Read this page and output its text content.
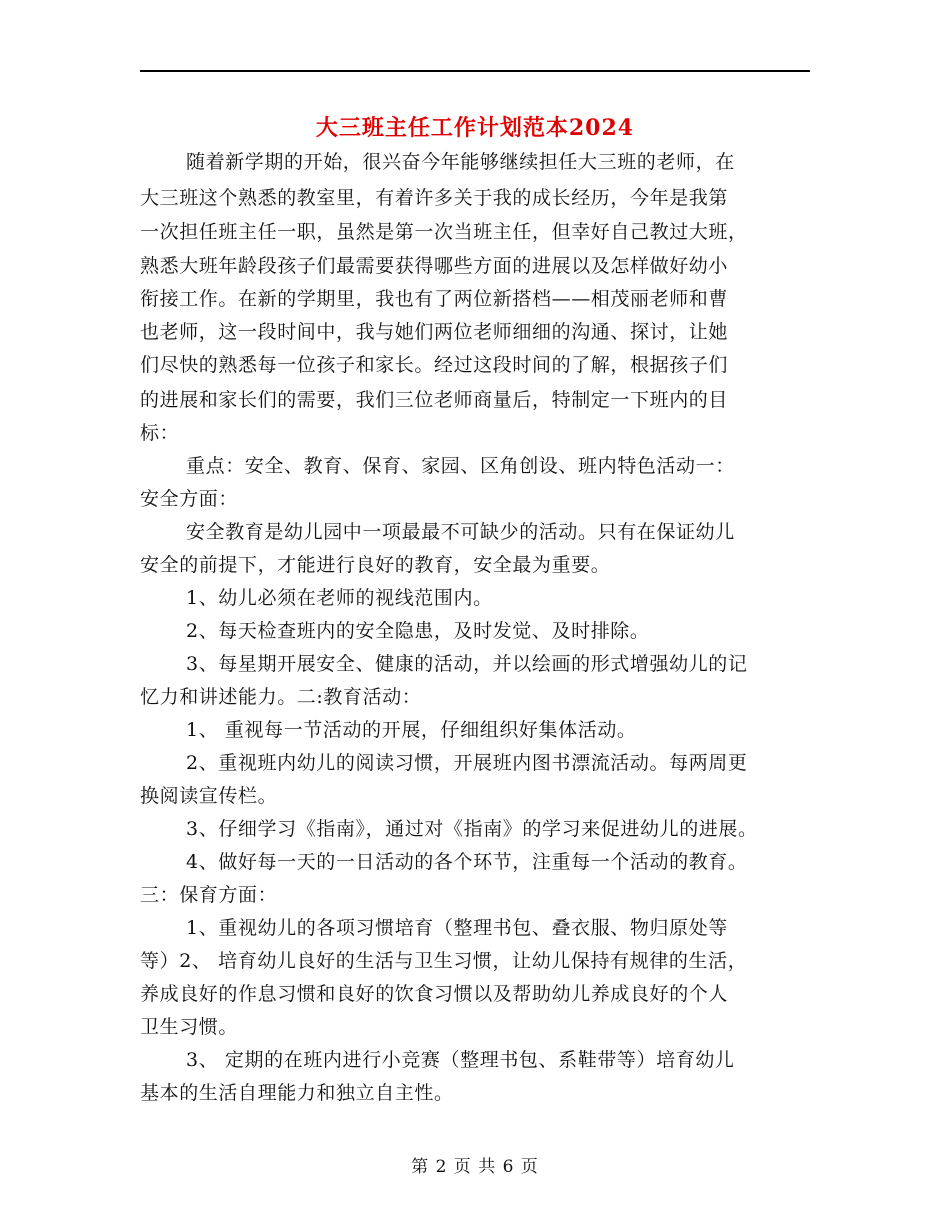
大三班主任工作计划范本2024
随着新学期的开始，很兴奋今年能够继续担任大三班的老师，在
大三班这个熟悉的教室里，有着许多关于我的成长经历，今年是我第
一次担任班主任一职，虽然是第一次当班主任，但幸好自己教过大班，
熟悉大班年龄段孩子们最需要获得哪些方面的进展以及怎样做好幼小
衔接工作。在新的学期里，我也有了两位新搭档——相茂丽老师和曹
也老师，这一段时间中，我与她们两位老师细细的沟通、探讨，让她
们尽快的熟悉每一位孩子和家长。经过这段时间的了解，根据孩子们
的进展和家长们的需要，我们三位老师商量后，特制定一下班内的目
标：
重点：安全、教育、保育、家园、区角创设、班内特色活动一：
安全方面：
安全教育是幼儿园中一项最最不可缺少的活动。只有在保证幼儿
安全的前提下，才能进行良好的教育，安全最为重要。
1、幼儿必须在老师的视线范围内。
2、每天检查班内的安全隐患，及时发觉、及时排除。
3、每星期开展安全、健康的活动，并以绘画的形式增强幼儿的记
忆力和讲述能力。二:教育活动：
1、 重视每一节活动的开展，仔细组织好集体活动。
2、重视班内幼儿的阅读习惯，开展班内图书漂流活动。每两周更
换阅读宣传栏。
3、仔细学习《指南》，通过对《指南》的学习来促进幼儿的进展。
4、做好每一天的一日活动的各个环节，注重每一个活动的教育。
三：保育方面：
1、重视幼儿的各项习惯培育（整理书包、叠衣服、物归原处等
等）2、 培育幼儿良好的生活与卫生习惯，让幼儿保持有规律的生活，
养成良好的作息习惯和良好的饮食习惯以及帮助幼儿养成良好的个人
卫生习惯。
3、 定期的在班内进行小竞赛（整理书包、系鞋带等）培育幼儿
基本的生活自理能力和独立自主性。
第 2 页 共 6 页
